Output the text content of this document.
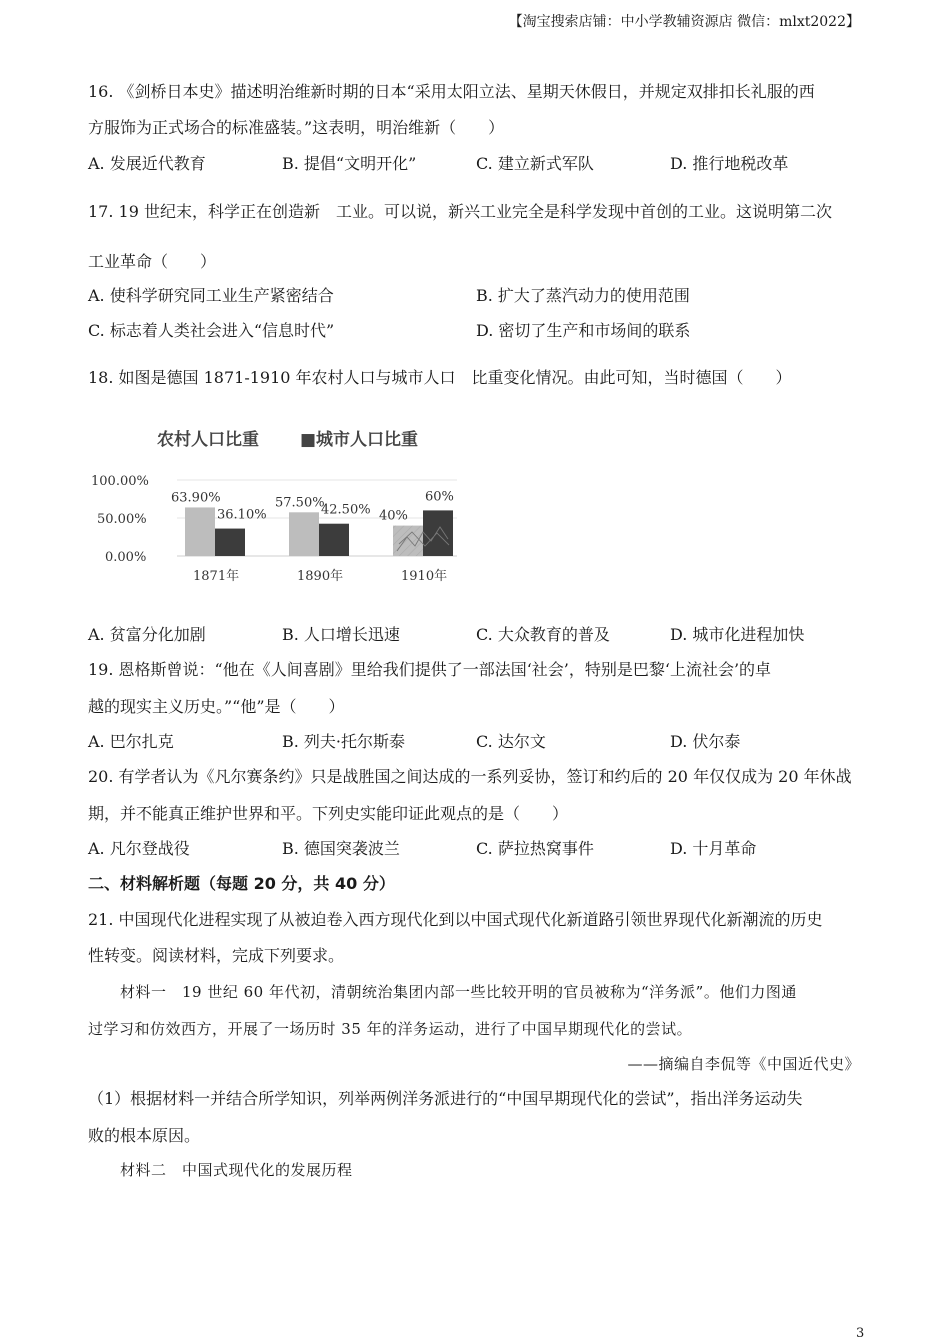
【淘宝搜索店铺：中小学教辅资源店 微信：mlxt2022】
16. 《剑桥日本史》描述明治维新时期的日本“采用太阳立法、星期天休假日，并规定双排扣长礼服的西
方服饰为正式场合的标准盛装。”这表明，明治维新（　　）
A. 发展近代教育	B. 提倡“文明开化”	C. 建立新式军队	D. 推行地税改革
17. 19 世纪末，科学正在创造新　工业。可以说，新兴工业完全是科学发现中首创的工业。这说明第二次
工业革命（　　）
A. 使科学研究同工业生产紧密结合	B. 扩大了蒸汽动力的使用范围
C. 标志着人类社会进入“信息时代”	D. 密切了生产和市场间的联系
18. 如图是德国 1871-1910 年农村人口与城市人口　比重变化情况。由此可知，当时德国（　　）
农村人口比重 ■城市人口比重
100.00%
50.00%
0.00%
63.90%
36.10%
1871年
57.50%
42.50%
1890年
40%
60%
1910年
A. 贫富分化加剧	B. 人口增长迅速	C. 大众教育的普及	D. 城市化进程加快
19. 恩格斯曾说：“他在《人间喜剧》里给我们提供了一部法国‘社会’，特别是巴黎‘上流社会’的卓
越的现实主义历史。”“他”是（　　）
A. 巴尔扎克	B. 列夫·托尔斯泰	C. 达尔文	D. 伏尔泰
20. 有学者认为《凡尔赛条约》只是战胜国之间达成的一系列妥协，签订和约后的 20 年仅仅成为 20 年休战
期，并不能真正维护世界和平。下列史实能印证此观点的是（　　）
A. 凡尔登战役	B. 德国突袭波兰	C. 萨拉热窝事件	D. 十月革命
二、材料解析题（每题 20 分，共 40 分）
21. 中国现代化进程实现了从被迫卷入西方现代化到以中国式现代化新道路引领世界现代化新潮流的历史
性转变。阅读材料，完成下列要求。
材料一　19 世纪 60 年代初，清朝统治集团内部一些比较开明的官员被称为“洋务派”。他们力图通
过学习和仿效西方，开展了一场历时 35 年的洋务运动，进行了中国早期现代化的尝试。
——摘编自李侃等《中国近代史》
（1）根据材料一并结合所学知识，列举两例洋务派进行的“中国早期现代化的尝试”，指出洋务运动失
败的根本原因。
材料二　中国式现代化的发展历程
3
